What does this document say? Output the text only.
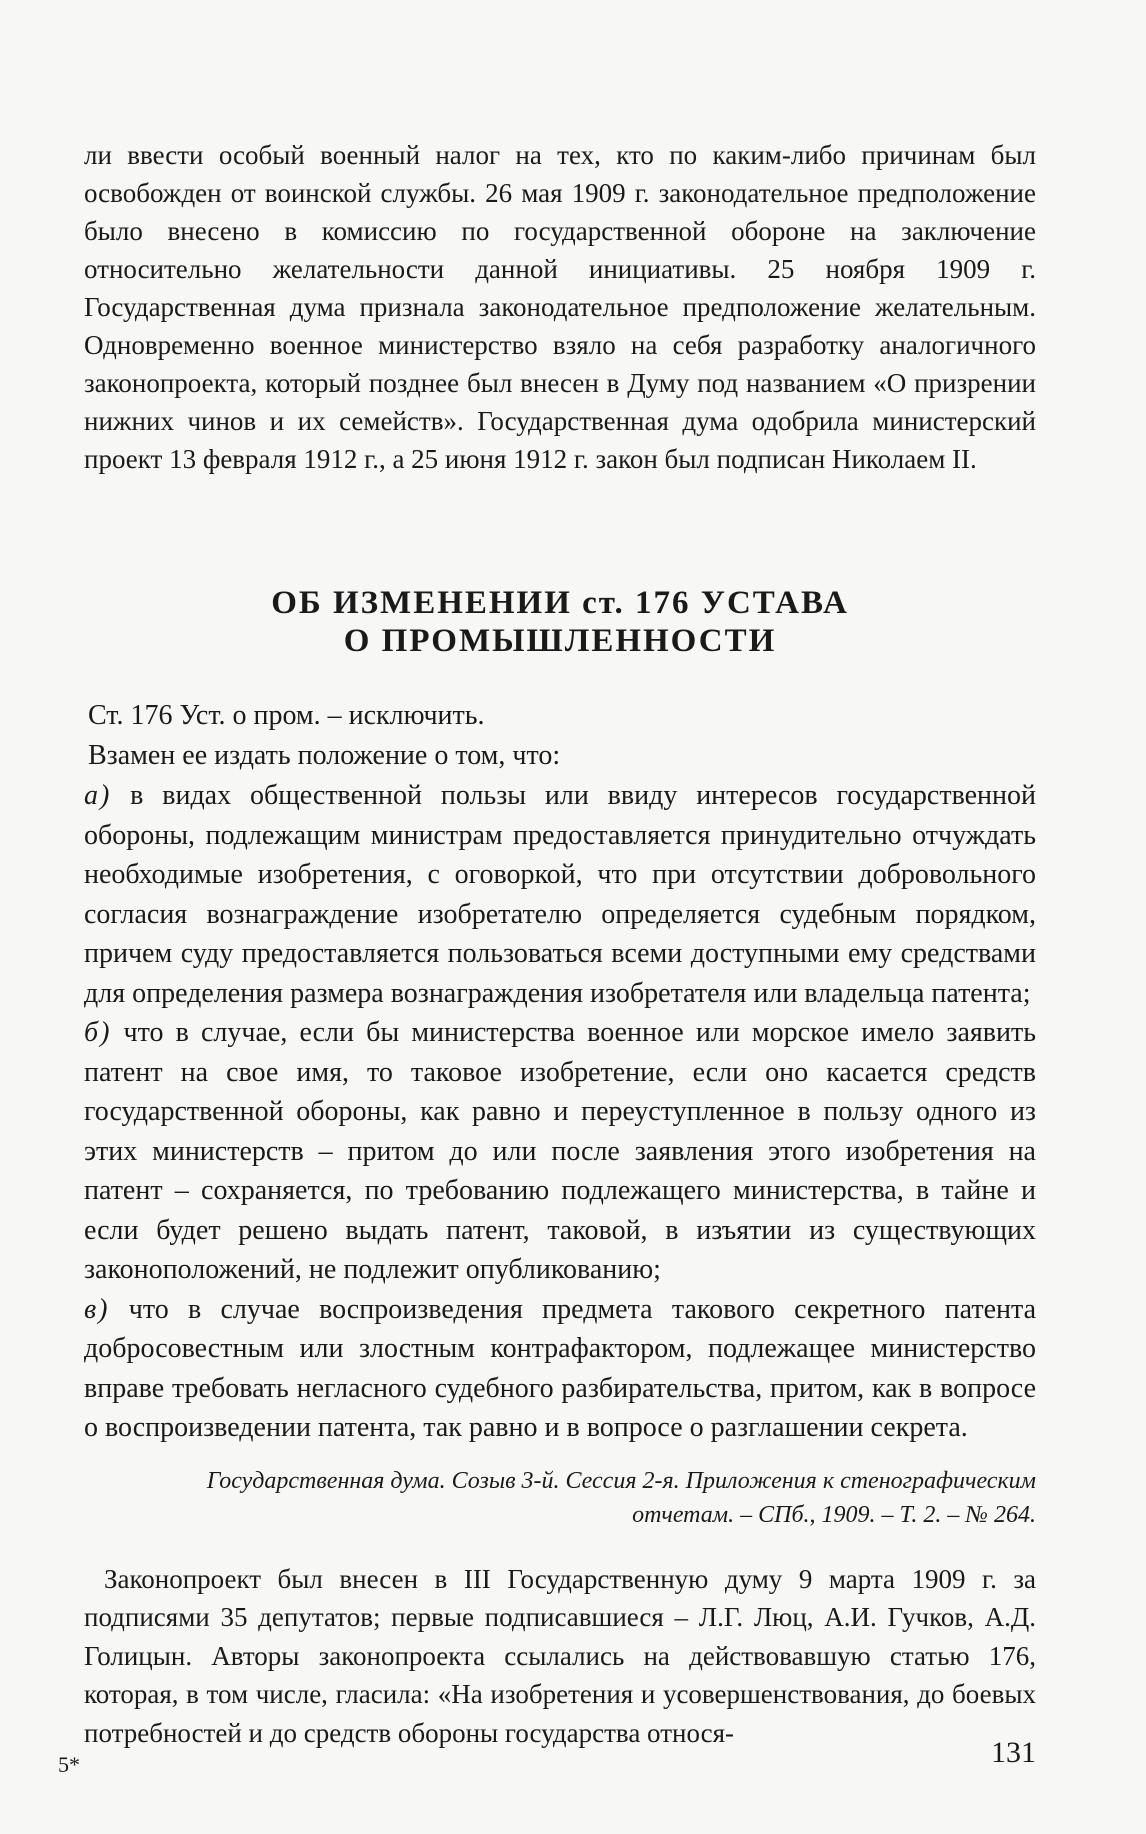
ли ввести особый военный налог на тех, кто по каким-либо причинам был освобожден от воинской службы. 26 мая 1909 г. законодательное предположение было внесено в комиссию по государственной обороне на заключение относительно желательности данной инициативы. 25 ноября 1909 г. Государственная дума признала законодательное предположение желательным. Одновременно военное министерство взяло на себя разработку аналогичного законопроекта, который позднее был внесен в Думу под названием «О призрении нижних чинов и их семейств». Государственная дума одобрила министерский проект 13 февраля 1912 г., а 25 июня 1912 г. закон был подписан Николаем II.

ОБ ИЗМЕНЕНИИ ст. 176 УСТАВА
О ПРОМЫШЛЕННОСТИ

Ст. 176 Уст. о пром. – исключить.

Взамен ее издать положение о том, что:

а) в видах общественной пользы или ввиду интересов государственной обороны, подлежащим министрам предоставляется принудительно отчуждать необходимые изобретения, с оговоркой, что при отсутствии добровольного согласия вознаграждение изобретателю определяется судебным порядком, причем суду предоставляется пользоваться всеми доступными ему средствами для определения размера вознаграждения изобретателя или владельца патента;

б) что в случае, если бы министерства военное или морское имело заявить патент на свое имя, то таковое изобретение, если оно касается средств государственной обороны, как равно и переуступленное в пользу одного из этих министерств – притом до или после заявления этого изобретения на патент – сохраняется, по требованию подлежащего министерства, в тайне и если будет решено выдать патент, таковой, в изъятии из существующих законоположений, не подлежит опубликованию;

в) что в случае воспроизведения предмета такового секретного патента добросовестным или злостным контрафактором, подлежащее министерство вправе требовать негласного судебного разбирательства, притом, как в вопросе о воспроизведении патента, так равно и в вопросе о разглашении секрета.

Государственная дума. Созыв 3-й. Сессия 2-я. Приложения к стенографическим отчетам. – СПб., 1909. – Т. 2. – № 264.

Законопроект был внесен в III Государственную думу 9 марта 1909 г. за подписями 35 депутатов; первые подписавшиеся – Л.Г. Люц, А.И. Гучков, А.Д. Голицын. Авторы законопроекта ссылались на действовавшую статью 176, которая, в том числе, гласила: «На изобретения и усовершенствования, до боевых потребностей и до средств обороны государства относя-

5*	131
